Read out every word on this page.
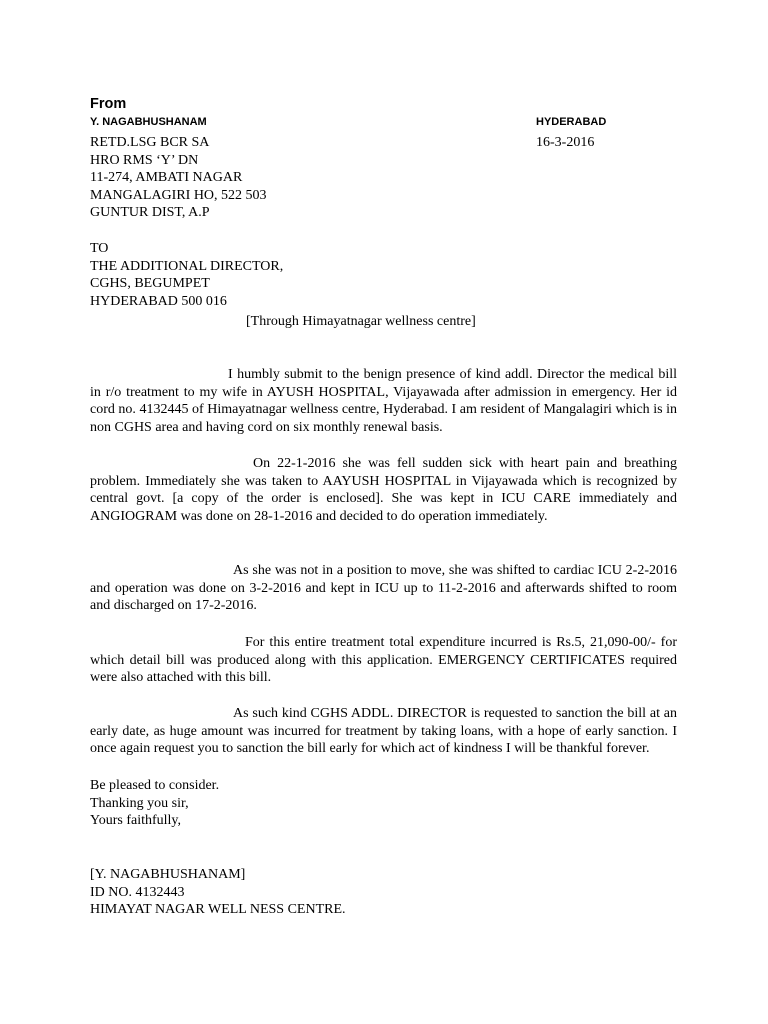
From
Y. NAGABHUSHANAM	HYDERABAD
16-3-2016
RETD.LSG BCR SA
HRO RMS ‘Y’ DN
11-274, AMBATI NAGAR
MANGALAGIRI HO, 522 503
GUNTUR DIST, A.P
TO
THE ADDITIONAL DIRECTOR,
CGHS, BEGUMPET
HYDERABAD 500 016
[Through Himayatnagar wellness centre]
I humbly submit to the benign presence of kind addl. Director the medical bill in r/o treatment to my wife in AYUSH HOSPITAL, Vijayawada after admission in emergency. Her id cord no. 4132445 of Himayatnagar wellness centre, Hyderabad. I am resident of Mangalagiri which is in non CGHS area and having cord on six monthly renewal basis.
On 22-1-2016 she was fell sudden sick with heart pain and breathing problem. Immediately she was taken to AAYUSH HOSPITAL in Vijayawada which is recognized by central govt. [a copy of the order is enclosed]. She was kept in ICU CARE immediately and ANGIOGRAM was done on 28-1-2016 and decided to do operation immediately.
As she was not in a position to move, she was shifted to cardiac ICU 2-2-2016 and operation was done on 3-2-2016 and kept in ICU up to 11-2-2016 and afterwards shifted to room and discharged on 17-2-2016.
For this entire treatment total expenditure incurred is Rs.5, 21,090-00/- for which detail bill was produced along with this application. EMERGENCY CERTIFICATES required were also attached with this bill.
As such kind CGHS ADDL. DIRECTOR is requested to sanction the bill at an early date, as huge amount was incurred for treatment by taking loans, with a hope of early sanction. I once again request you to sanction the bill early for which act of kindness I will be thankful forever.
Be pleased to consider.
Thanking you sir,
Yours faithfully,
[Y. NAGABHUSHANAM]
ID NO. 4132443
HIMAYAT NAGAR WELL NESS CENTRE.
